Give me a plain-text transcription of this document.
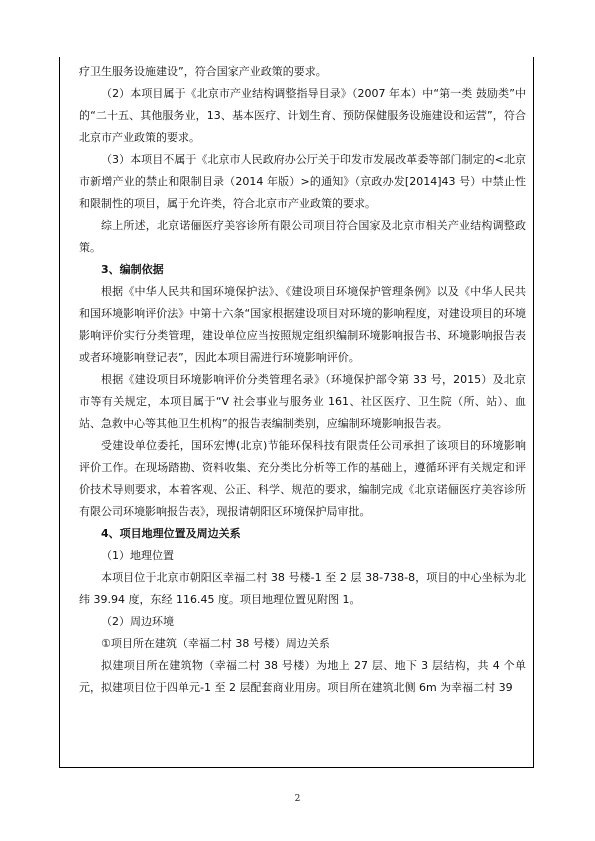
疗卫生服务设施建设”，符合国家产业政策的要求。

（2）本项目属于《北京市产业结构调整指导目录》（2007 年本）中“第一类 鼓励类”中的“二十五、其他服务业，13、基本医疗、计划生育、预防保健服务设施建设和运营”，符合北京市产业政策的要求。

（3）本项目不属于《北京市人民政府办公厅关于印发市发展改革委等部门制定的<北京市新增产业的禁止和限制目录（2014 年版）>的通知》（京政办发[2014]43 号）中禁止性和限制性的项目，属于允许类，符合北京市产业政策的要求。

综上所述，北京诺俪医疗美容诊所有限公司项目符合国家及北京市相关产业结构调整政策。

3、编制依据

根据《中华人民共和国环境保护法》、《建设项目环境保护管理条例》以及《中华人民共和国环境影响评价法》中第十六条“国家根据建设项目对环境的影响程度，对建设项目的环境影响评价实行分类管理，建设单位应当按照规定组织编制环境影响报告书、环境影响报告表或者环境影响登记表”，因此本项目需进行环境影响评价。

根据《建设项目环境影响评价分类管理名录》（环境保护部令第 33 号，2015）及北京市等有关规定，本项目属于“V 社会事业与服务业 161、社区医疗、卫生院（所、站）、血站、急救中心等其他卫生机构”的报告表编制类别，应编制环境影响报告表。

受建设单位委托，国环宏博(北京)节能环保科技有限责任公司承担了该项目的环境影响评价工作。在现场踏勘、资料收集、充分类比分析等工作的基础上，遵循环评有关规定和评价技术导则要求，本着客观、公正、科学、规范的要求，编制完成《北京诺俪医疗美容诊所有限公司环境影响报告表》，现报请朝阳区环境保护局审批。

4、项目地理位置及周边关系

（1）地理位置

本项目位于北京市朝阳区幸福二村 38 号楼-1 至 2 层 38-738-8，项目的中心坐标为北纬 39.94 度，东经 116.45 度。项目地理位置见附图 1。

（2）周边环境

①项目所在建筑（幸福二村 38 号楼）周边关系

拟建项目所在建筑物（幸福二村 38 号楼）为地上 27 层、地下 3 层结构，共 4 个单元，拟建项目位于四单元-1 至 2 层配套商业用房。项目所在建筑北侧 6m 为幸福二村 39

2
